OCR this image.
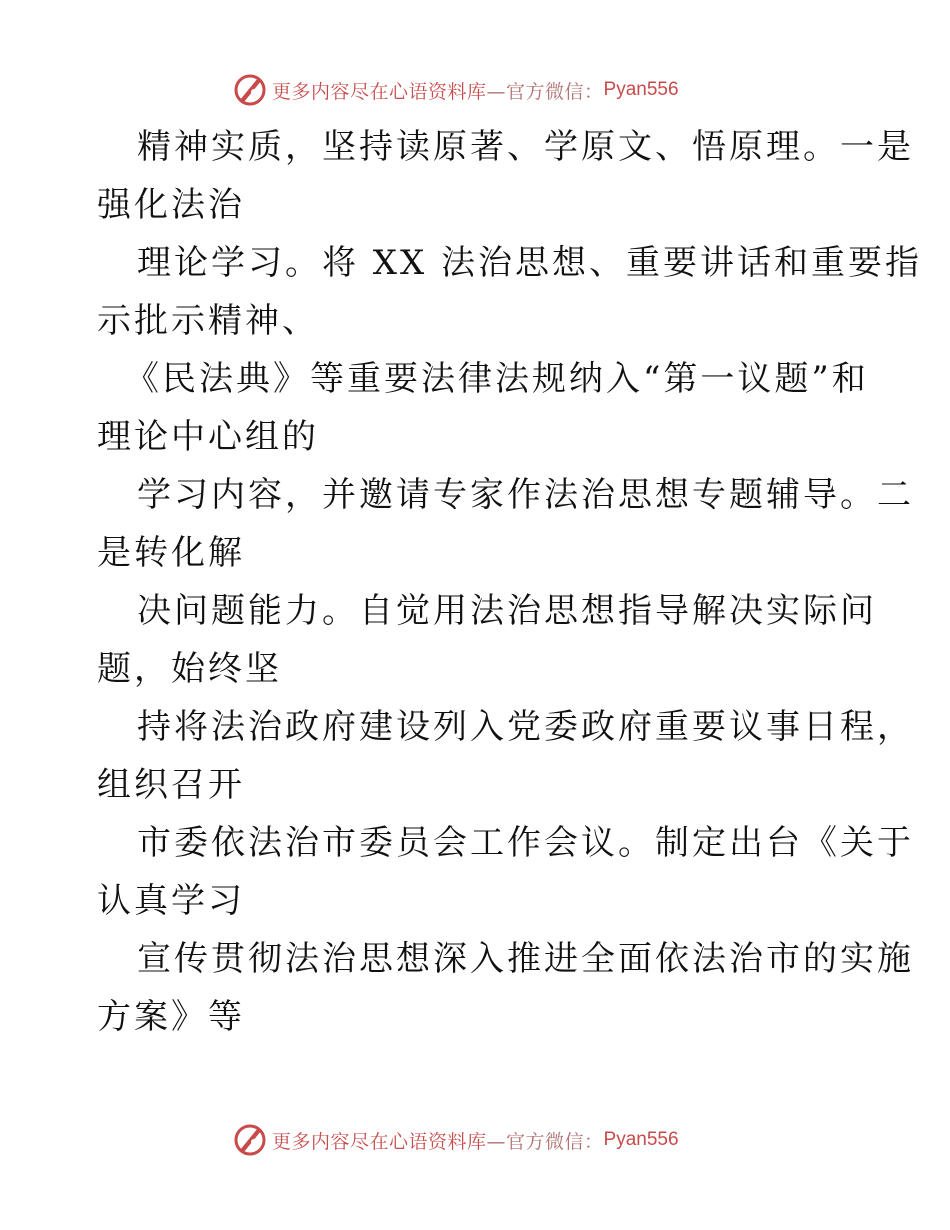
更多内容尽在心语资料库 —官方微信： Pyan556
精神实质，坚持读原著、学原文、悟原理。一是
强化法治
理论学习。将 XX 法治思想、重要讲话和重要指
示批示精神、
《民法典》等重要法律法规纳入“第一议题”和
理论中心组的
学习内容，并邀请专家作法治思想专题辅导。二
是转化解
决问题能力。自觉用法治思想指导解决实际问
题，始终坚
持将法治政府建设列入党委政府重要议事日程，
组织召开
市委依法治市委员会工作会议。制定出台《关于
认真学习
宣传贯彻法治思想深入推进全面依法治市的实施
方案》等
更多内容尽在心语资料库 —官方微信： Pyan556
